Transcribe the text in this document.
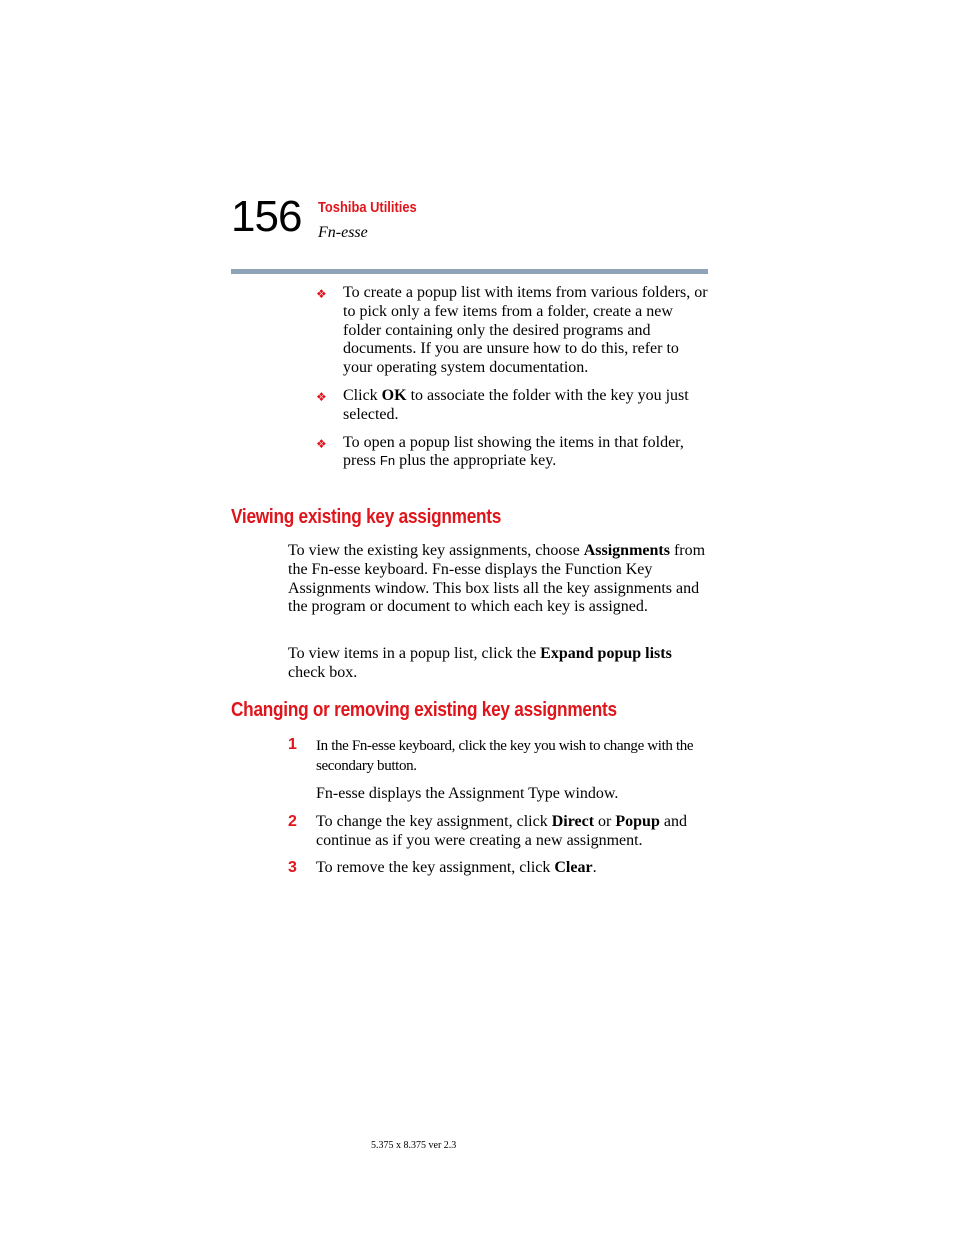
156 Toshiba Utilities
Fn-esse
❖	To create a popup list with items from various folders, or to pick only a few items from a folder, create a new folder containing only the desired programs and documents. If you are unsure how to do this, refer to your operating system documentation.
❖	Click OK to associate the folder with the key you just selected.
❖	To open a popup list showing the items in that folder, press Fn plus the appropriate key.
Viewing existing key assignments
To view the existing key assignments, choose Assignments from the Fn-esse keyboard. Fn-esse displays the Function Key Assignments window. This box lists all the key assignments and the program or document to which each key is assigned.
To view items in a popup list, click the Expand popup lists check box.
Changing or removing existing key assignments
1	In the Fn-esse keyboard, click the key you wish to change with the secondary button.
Fn-esse displays the Assignment Type window.
2	To change the key assignment, click Direct or Popup and continue as if you were creating a new assignment.
3	To remove the key assignment, click Clear.
5.375 x 8.375 ver 2.3
